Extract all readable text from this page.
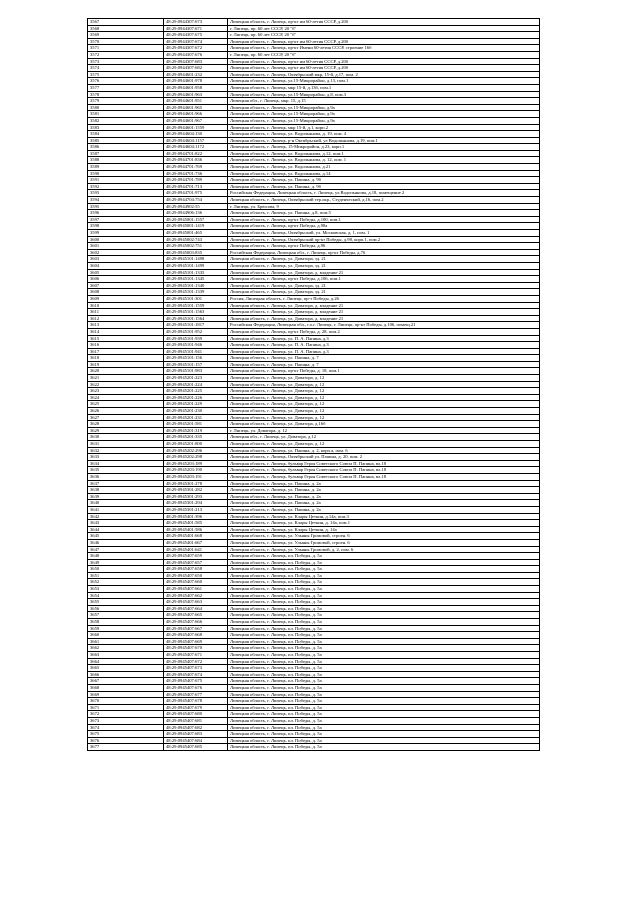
3567	48:29:0944307:673	Липецкая область, г. Липецк, пр-кт им 60-летия СССР, д.20б
3568	48:29:0944307:671	г. Липецк, пр. 60 лет СССР, 20 "б"
3569	48:29:0944307:675	г. Липецк, пр. 60 лет СССР, 20 "б"
3570	48:29:0944307:674	Липецкая область, г. Липецк, пр-кт им 60-летия СССР, д.20б
3571	48:29:0944307:672	Липецкая область, г. Липецк, пр-кт Имени 60-летия СССР, строение 16б
3572	48:29:0944307:676	г. Липецк, пр. 60 лет СССР, 20 "б"
3573	48:29:0944307:683	Липецкая область, г. Липецк, пр-кт им 60-летия СССР, д.20б
3574	48:29:0944307:682	Липецкая область, г. Липецк, пр-кт им 60-летия СССР, д.20б
3575	48:29:0944601:232	Липецкая область, г. Липецк, Октябрьский мкр, 15-й, д.17, пом. 2
3576	48:29:0944601:978	Липецкая область, г. Липецк, ул.15-Микрорайон, д.13, пом.1
3577	48:29:0944601:958	Липецкая область, г. Липецк, мкр 15-й, д.13б, пом.1
3578	48:29:0944601:963	Липецкая область, г. Липецк, ул.15-Микрорайон, д.8, пом.3
3579	48:29:0944601:951	Липецкая обл., г. Липецк, мкр. 15, д.15
3580	48:29:0944601:965	Липецкая область, г. Липецк, ул.15-Микрорайон, д.9а
3581	48:29:0944601:966	Липецкая область, г. Липецк, ул.15-Микрорайон, д.9а
3582	48:29:0944601:967	Липецкая область, г. Липецк, ул.15-Микрорайон, д.9а
3583	48:29:0944601:1559	Липецкая область, г. Липецк, мкр 15-й, д.1, корп.2
3584	48:29:0944604:130	Липецкая область, г. Липецк, ул. Водопьянова, д. 19, пом. 4
3585	48:29:0944604:1157	Липецкая область, г. Липецк, р-н Октябрьский, ул Водопьянова, д.19, пом.1
3586	48:29:0944604:1172	Липецкая область, г. Липецк, 15-Микрорайон, д.23, корп.1
3587	48:29:0944701:822	Липецкая область, г. Липецк, ул. Водопьянова, д.12, пом.1
3588	48:29:0944701:836	Липецкая область, г. Липецк, ул. Водопьянова, д. 12, пом. 1
3589	48:29:0944701:769	Липецкая область, г. Липецк, ул. Водопьянова, д.21
3590	48:29:0944701:736	Липецкая область, г. Липецк, ул. Водопьянова, д.14
3591	48:29:0944701:789	Липецкая область, г. Липецк, ул. Папина, д. 9б
3592	48:29:0944701:713	Липецкая область, г. Липецк, ул. Папина, д. 9б
3593	48:29:0944701:975	Российская Федерация, Липецкая область, г. Липецк, ул.Водопьянова, д.18, помещение 2
3594	48:29:0944704:754	Липецкая область, г. Липецк, Октябрьский тер.окр., Студенческий, д.16, пом.2
3595	48:29:0944902:55	г. Липецк, ул. Брюсова, 9
3596	48:29:0944906:136	Липецкая область, г. Липецк, ул. Папина, д.8, пом.5
3597	48:29:0945001:1557	Липецкая область, г. Липецк, пр-кт Победы, д.100, пом.1
3598	48:29:0945001:1419	Липецкая область, г. Липецк, пр-кт Победы, д.98а
3599	48:29:0945001:465	Липецкая область, г. Липецк, Октябрьский, ул. Московская, д. 1, пом. 1
3600	48:29:0945002:743	Липецкая область, г. Липецк, Октябрьский пр-кт Победы, д.98, корп.1, пом.2
3601	48:29:0945002:751	Липецкая область, г. Липецк, пр-кт Победы, д.96
3602	48:29:0945003:835	Российская Федерация, Липецкая обл., г. Липецк, пр-кт Победы, д.76
3603	48:29:0945101:1498	Липецкая область, г. Липецк, ул. Доватора, зд. 21
3604	48:29:0945101:1499	Липецкая область, г. Липецк, ул. Доватора, зд. 21
3605	48:29:0945101:1335	Липецкая область, г. Липецк, ул. Доватора, д. владение 21
3606	48:29:0945101:1345	Липецкая область, г. Липецк, пр-кт Победы, д.106, пом.1
3607	48:29:0945101:1340	Липецкая область, г. Липецк, ул. Доватора, зд. 21
3608	48:29:0945101:1339	Липецкая область, г. Липецк, ул. Доватора, зд. 21
3609	48:29:0945101:301	Россия, Липецкая область, г. Липецк, пр-т Победы, д.26
3610	48:29:0945101:1559	Липецкая область, г. Липецк, ул. Доватора, д. владение 21
3611	48:29:0945101:1563	Липецкая область, г. Липецк, ул. Доватора, д. владение 21
3612	48:29:0945101:1564	Липецкая область, г. Липецк, ул. Доватора, д. владение 21
3613	48:29:0945101:1817	Российская Федерация, Липецкая обл., г.о.г. Липецк, г. Липецк, пр-кт Победы, д.106, помещ.21
3614	48:29:0945101:952	Липецкая область, г. Липецк, пр-кт Победы, д. 28, пом.2
3615	48:29:0945101:939	Липецкая область, г. Липецк, ул. П. А. Папина, д.3
3616	48:29:0945101:946	Липецкая область, г. Липецк, ул. П. А. Папина, д.3
3617	48:29:0945101:941	Липецкая область, г. Липецк, ул. П. А. Папина, д.3
3618	48:29:0945101:156	Липецкая область, г. Липецк, ул. Папина, д. 7
3619	48:29:0945101:157	Липецкая область, г. Липецк, ул. Папина, д. 7
3620	48:29:0945101:983	Липецкая область, г. Липецк, пр-кт Победы, д. 18, пом.1
3621	48:29:0945201:223	Липецкая область, г. Липецк, ул. Доватора, д. 12
3622	48:29:0945201:224	Липецкая область, г. Липецк, ул. Доватора, д. 12
3623	48:29:0945201:225	Липецкая область, г. Липецк, ул. Доватора, д. 12
3624	48:29:0945201:226	Липецкая область, г. Липецк, ул. Доватора, д. 12
3625	48:29:0945201:229	Липецкая область, г. Липецк, ул. Доватора, д. 12
3626	48:29:0945201:230	Липецкая область, г. Липецк, ул. Доватора, д. 12
3627	48:29:0945201:231	Липецкая область, г. Липецк, ул. Доватора, д. 12
3628	48:29:0945201:581	Липецкая область, г. Липецк, ул. Доватора, д.16б
3629	48:29:0945201:319	г. Липецк, ул. Доватора, д. 12
3630	48:29:0945201:335	Липецкая обл., г. Липецк, ул. Доватора, д.12
3631	48:29:0945201:800	Липецкая область, г. Липецк, ул. Доватора, д. 12
3632	48:29:0945202:296	Липецкая область, г. Липецк, ул. Папина, д. 2, корп.а, пом. 6
3633	48:29:0945202:298	Липецкая область, г. Липецк, Октябрьский ул. Папина, д. 20, пом. 2
3634	48:29:0945203:189	Липецкая область, г. Липецк, бульвар Героя Советского Союза П. Папина, вл.18
3635	48:29:0945203:190	Липецкая область, г. Липецк, бульвар Героя Советского Союза П. Папина, вл.18
3636	48:29:0945203:191	Липецкая область, г. Липецк, бульвар Героя Советского Союза П. Папина, вл.18
3637	48:29:0945301:278	Липецкая область, г. Липецк, ул. Папина, д. 2а
3638	48:29:0945301:282	Липецкая область, г. Липецк, ул. Папина, д. 2а
3639	48:29:0945301:293	Липецкая область, г. Липецк, ул. Папина, д. 2а
3640	48:29:0945301:294	Липецкая область, г. Липецк, ул. Папина, д. 2а
3641	48:29:0945301:213	Липецкая область, г. Липецк, ул. Папина, д. 2а
3642	48:29:0945401:396	Липецкая область, г. Липецк, ул. Клары Цеткин, д.14а, пом.3
3643	48:29:0945401:585	Липецкая область, г. Липецк, ул. Клары Цеткин, д. 14а, пом.1
3644	48:29:0945401:586	Липецкая область, г. Липецк, ул. Клары Цеткин, д. 14а
3645	48:29:0945401:668	Липецкая область, г. Липецк, ул. Ульяны Громовой, строен. 6
3646	48:29:0945401:667	Липецкая область, г. Липецк, ул. Ульяны Громовой, строен. 6
3647	48:29:0945401:641	Липецкая область, г. Липецк, ул. Ульяны Громовой, д. 2, пом. 6
3648	48:29:0945407:659	Липецкая область, г. Липецк, пл. Победы, д. 5а
3649	48:29:0945407:657	Липецкая область, г. Липецк, пл. Победы, д. 5а
3650	48:29:0945407:658	Липецкая область, г. Липецк, пл. Победы, д. 5а
3651	48:29:0945407:650	Липецкая область, г. Липецк, пл. Победы, д. 5а
3652	48:29:0945407:660	Липецкая область, г. Липецк, пл. Победы, д. 5а
3653	48:29:0945407:661	Липецкая область, г. Липецк, пл. Победы, д. 5а
3654	48:29:0945407:662	Липецкая область, г. Липецк, пл. Победы, д. 5а
3655	48:29:0945407:663	Липецкая область, г. Липецк, пл. Победы, д. 5а
3656	48:29:0945407:664	Липецкая область, г. Липецк, пл. Победы, д. 5а
3657	48:29:0945407:665	Липецкая область, г. Липецк, пл. Победы, д. 5а
3658	48:29:0945407:666	Липецкая область, г. Липецк, пл. Победы, д. 5а
3659	48:29:0945407:667	Липецкая область, г. Липецк, пл. Победы, д. 5а
3660	48:29:0945407:668	Липецкая область, г. Липецк, пл. Победы, д. 5а
3661	48:29:0945407:669	Липецкая область, г. Липецк, пл. Победы, д. 5а
3662	48:29:0945407:670	Липецкая область, г. Липецк, пл. Победы, д. 5а
3663	48:29:0945407:671	Липецкая область, г. Липецк, пл. Победы, д. 5а
3664	48:29:0945407:672	Липецкая область, г. Липецк, пл. Победы, д. 5а
3665	48:29:0945407:673	Липецкая область, г. Липецк, пл. Победы, д. 5а
3666	48:29:0945407:674	Липецкая область, г. Липецк, пл. Победы, д. 5а
3667	48:29:0945407:675	Липецкая область, г. Липецк, пл. Победы, д. 5а
3668	48:29:0945407:676	Липецкая область, г. Липецк, пл. Победы, д. 5а
3669	48:29:0945407:677	Липецкая область, г. Липецк, пл. Победы, д. 5а
3670	48:29:0945407:678	Липецкая область, г. Липецк, пл. Победы, д. 5а
3671	48:29:0945407:679	Липецкая область, г. Липецк, пл. Победы, д. 5а
3672	48:29:0945407:680	Липецкая область, г. Липецк, пл. Победы, д. 5а
3673	48:29:0945407:681	Липецкая область, г. Липецк, пл. Победы, д. 5а
3674	48:29:0945407:682	Липецкая область, г. Липецк, пл. Победы, д. 5а
3675	48:29:0945407:683	Липецкая область, г. Липецк, пл. Победы, д. 5а
3676	48:29:0945407:684	Липецкая область, г. Липецк, пл. Победы, д. 5а
3677	48:29:0945407:685	Липецкая область, г. Липецк, пл. Победы, д. 5а
